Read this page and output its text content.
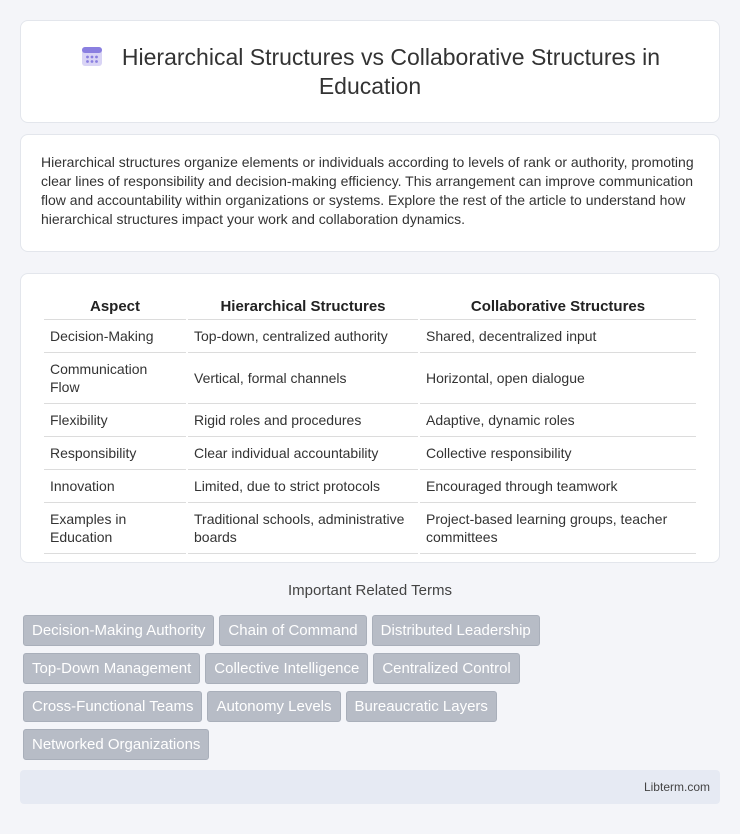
Hierarchical Structures vs Collaborative Structures in Education

Hierarchical structures organize elements or individuals according to levels of rank or authority, promoting clear lines of responsibility and decision-making efficiency. This arrangement can improve communication flow and accountability within organizations or systems. Explore the rest of the article to understand how hierarchical structures impact your work and collaboration dynamics.

Aspect	Hierarchical Structures	Collaborative Structures
Decision-Making	Top-down, centralized authority	Shared, decentralized input
Communication Flow	Vertical, formal channels	Horizontal, open dialogue
Flexibility	Rigid roles and procedures	Adaptive, dynamic roles
Responsibility	Clear individual accountability	Collective responsibility
Innovation	Limited, due to strict protocols	Encouraged through teamwork
Examples in Education	Traditional schools, administrative boards	Project-based learning groups, teacher committees
Important Related Terms
Decision-Making Authority Chain of Command Distributed Leadership
Top-Down Management Collective Intelligence Centralized Control
Cross-Functional Teams Autonomy Levels Bureaucratic Layers
Networked Organizations
Libterm.com
